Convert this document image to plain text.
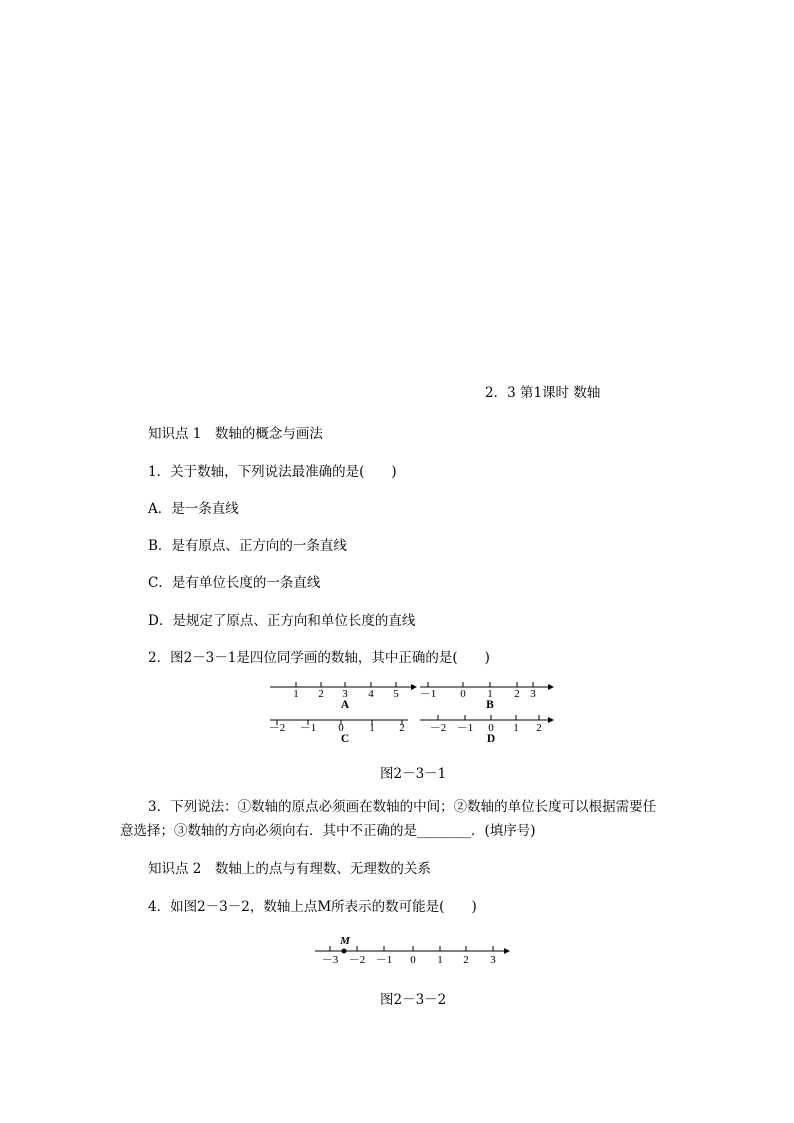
2．3 第1课时 数轴
知识点 1　数轴的概念与画法
1．关于数轴，下列说法最准确的是(　　)
A．是一条直线
B．是有原点、正方向的一条直线
C．是有单位长度的一条直线
D．是规定了原点、正方向和单位长度的直线
2．图2－3－1是四位同学画的数轴，其中正确的是(　　)
1 2 3 4 5
A
－1 0 1 2 3
B
－2 －1 0 1 2
C
－2 －1 0 1 2
D
图2－3－1
3．下列说法：①数轴的原点必须画在数轴的中间；②数轴的单位长度可以根据需要任
意选择；③数轴的方向必须向右．其中不正确的是________．(填序号)
知识点 2　数轴上的点与有理数、无理数的关系
4．如图2－3－2，数轴上点M所表示的数可能是(　　)
M
－3 －2 －1 0 1 2 3
图2－3－2
